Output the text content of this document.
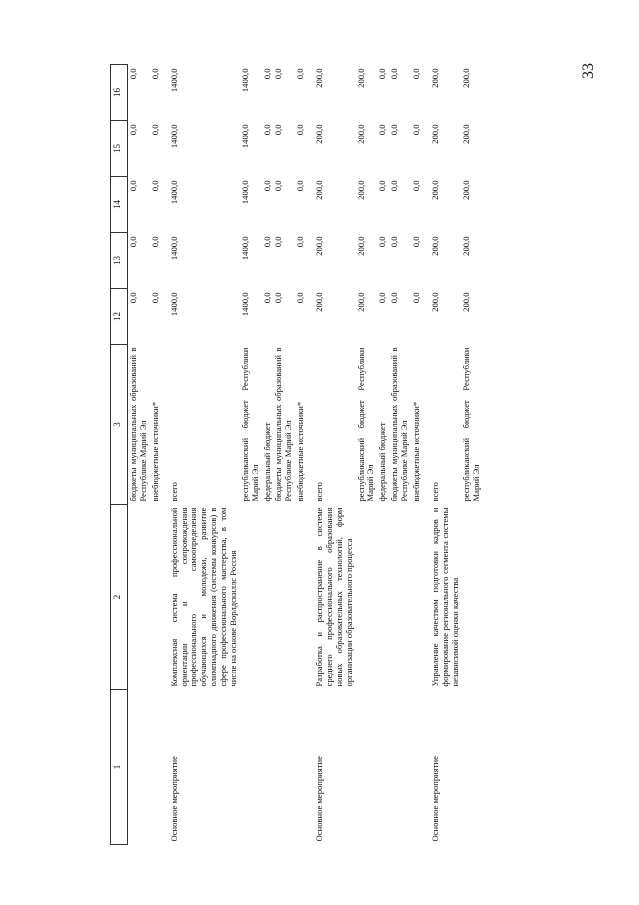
33
1	2	3	12	13	14	15	16
		бюджеты муниципальных образований в Республике Марий Эл	0,0	0,0	0,0	0,0	0,0
		внебюджетные источники*	0,0	0,0	0,0	0,0	0,0
Основное мероприятие	Комплексная система профессиональной ориентации и сопровождения профессионального самоопределения обучающихся и молодежи, развитие олимпиадного движения (системы конкурсов) в сфере профессионального мастерства, в том числе на основе Ворлдскиллс Россия	всего	1400,0	1400,0	1400,0	1400,0	1400,0
		республиканский бюджет Республики Марий Эл	1400,0	1400,0	1400,0	1400,0	1400,0
		федеральный бюджет	0,0	0,0	0,0	0,0	0,0
		бюджеты муниципальных образований в Республике Марий Эл	0,0	0,0	0,0	0,0	0,0
		внебюджетные источники*	0,0	0,0	0,0	0,0	0,0
Основное мероприятие	Разработка и распространение в системе среднего профессионального образования новых образовательных технологий, форм организации образовательного процесса	всего	200,0	200,0	200,0	200,0	200,0
		республиканский бюджет Республики Марий Эл	200,0	200,0	200,0	200,0	200,0
		федеральный бюджет	0,0	0,0	0,0	0,0	0,0
		бюджеты муниципальных образований в Республике Марий Эл	0,0	0,0	0,0	0,0	0,0
		внебюджетные источники*	0,0	0,0	0,0	0,0	0,0
Основное мероприятие	Управление качеством подготовки кадров и формирование регионального сегмента системы независимой оценки качества	всего	200,0	200,0	200,0	200,0	200,0
		республиканский бюджет Республики Марий Эл	200,0	200,0	200,0	200,0	200,0
